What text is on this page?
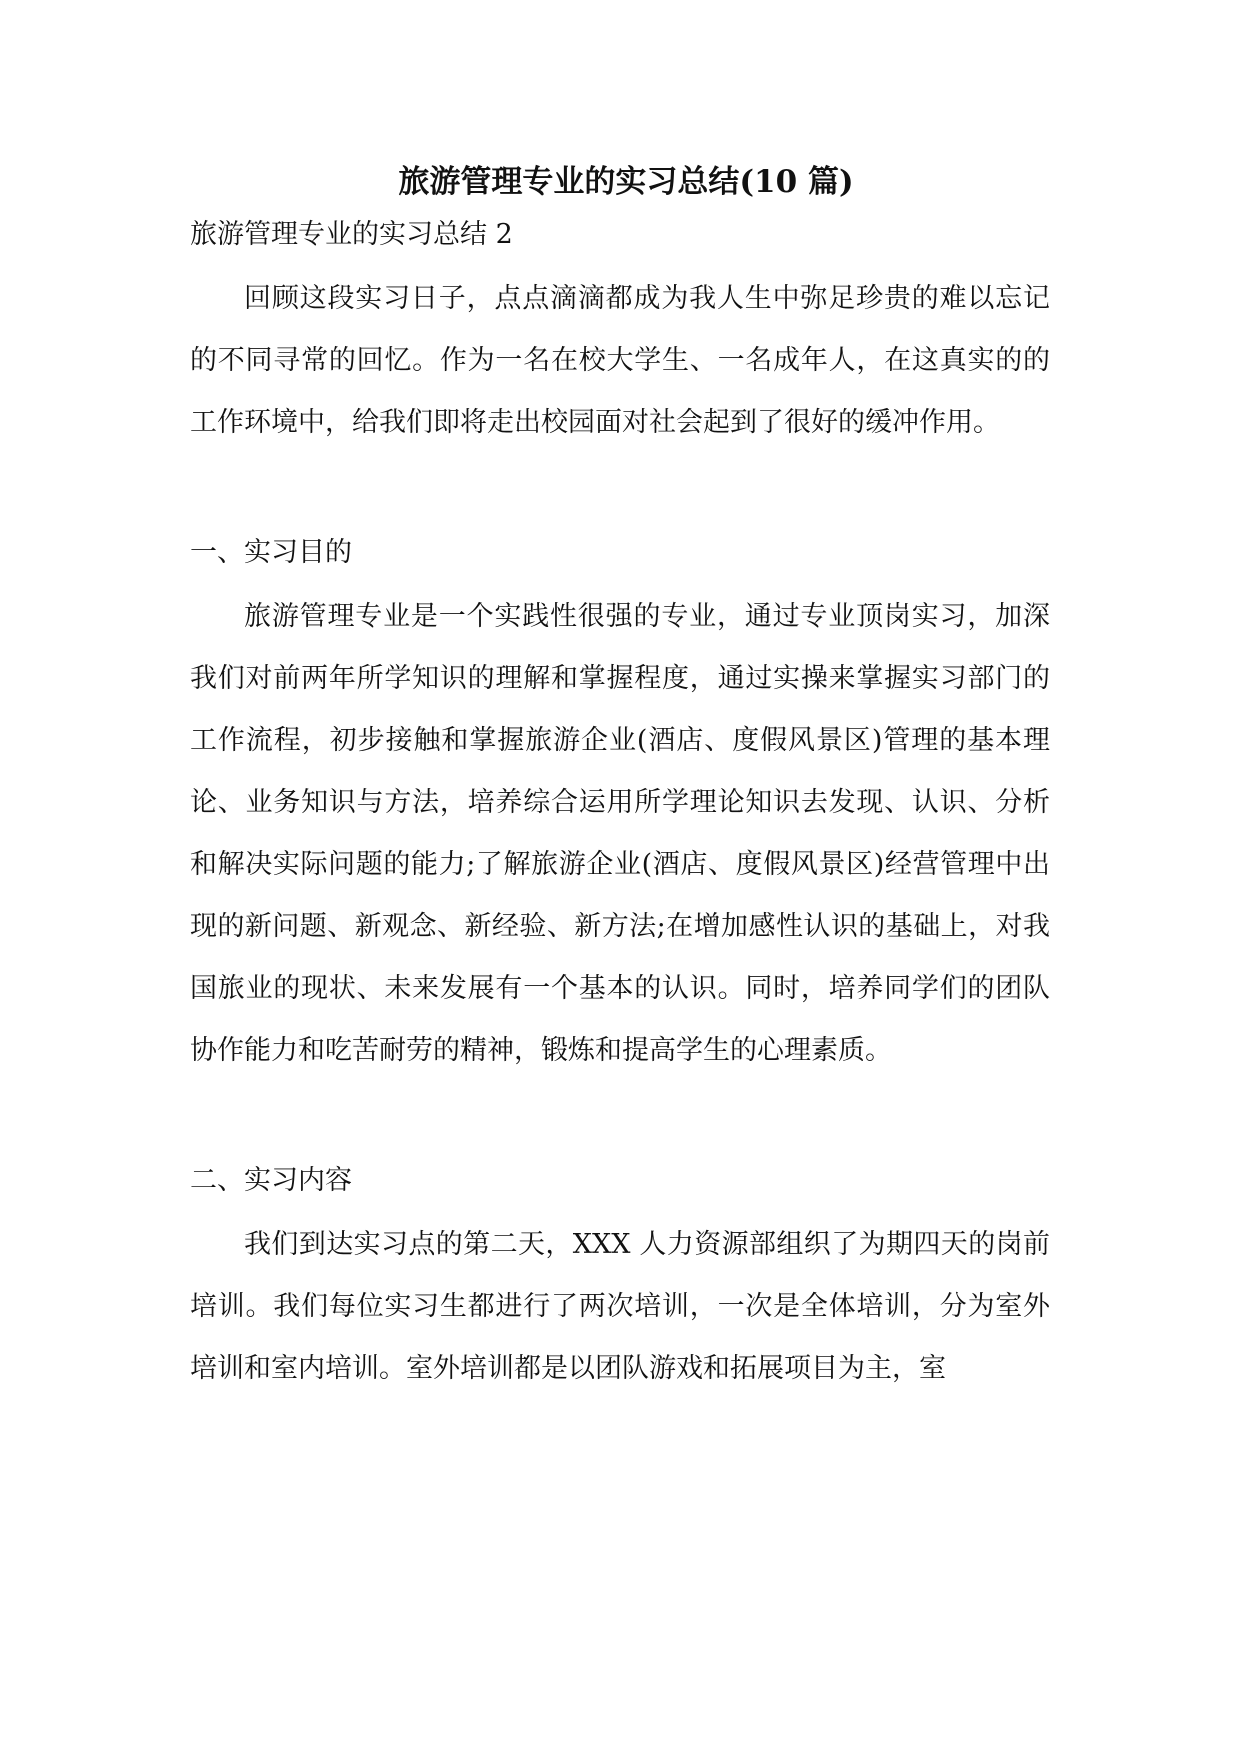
旅游管理专业的实习总结(10 篇)
旅游管理专业的实习总结 2

回顾这段实习日子，点点滴滴都成为我人生中弥足珍贵的难以忘记的不同寻常的回忆。作为一名在校大学生、一名成年人，在这真实的的工作环境中，给我们即将走出校园面对社会起到了很好的缓冲作用。

一、实习目的

旅游管理专业是一个实践性很强的专业，通过专业顶岗实习，加深我们对前两年所学知识的理解和掌握程度，通过实操来掌握实习部门的工作流程，初步接触和掌握旅游企业(酒店、度假风景区)管理的基本理论、业务知识与方法，培养综合运用所学理论知识去发现、认识、分析和解决实际问题的能力;了解旅游企业(酒店、度假风景区)经营管理中出现的新问题、新观念、新经验、新方法;在增加感性认识的基础上，对我国旅业的现状、未来发展有一个基本的认识。同时，培养同学们的团队协作能力和吃苦耐劳的精神，锻炼和提高学生的心理素质。

二、实习内容

我们到达实习点的第二天，XXX 人力资源部组织了为期四天的岗前培训。我们每位实习生都进行了两次培训，一次是全体培训，分为室外培训和室内培训。室外培训都是以团队游戏和拓展项目为主，室
